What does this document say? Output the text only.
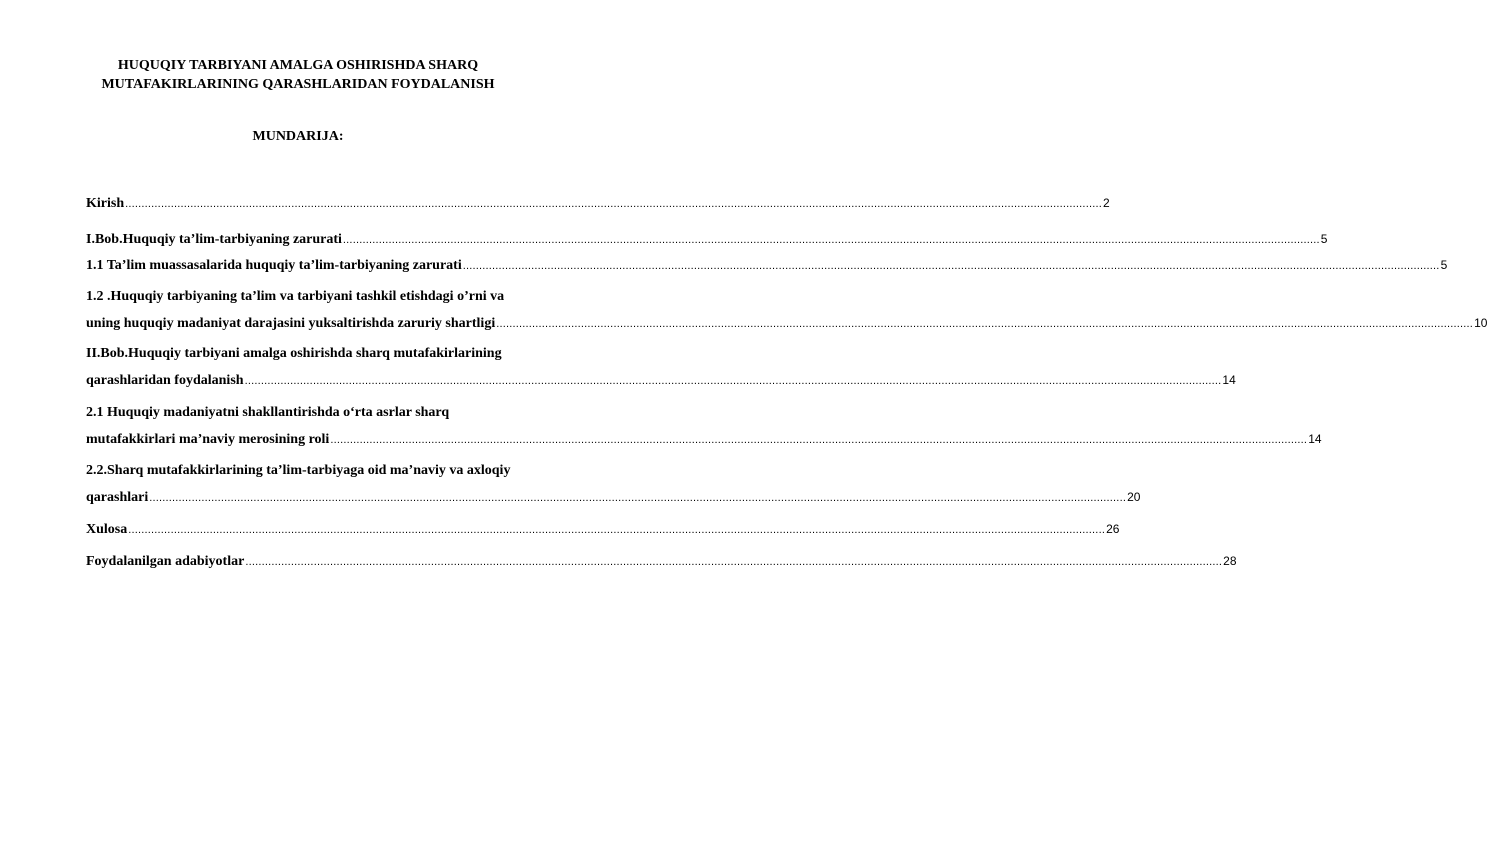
HUQUQIY TARBIYANI AMALGA OSHIRISHDA SHARQ
MUTAFAKIRLARINING QARASHLARIDAN FOYDALANISH
MUNDARIJA:
Kirish ............................................................................................................................................................................................................................................................................................................ 2
I.Bob.Huquqiy ta’lim-tarbiyaning zarurati ............................................................................................................................................................................................................................................................................................................ 5
1.1 Ta’lim muassasalarida huquqiy ta’lim-tarbiyaning zarurati ............................................................................................................................................................................................................................................................................................................ 5
1.2 .Huquqiy tarbiyaning ta’lim va tarbiyani tashkil etishdagi o’rni va
uning huquqiy madaniyat darajasini yuksaltirishda zaruriy shartligi ............................................................................................................................................................................................................................................................................................................ 10
II.Bob.Huquqiy tarbiyani amalga oshirishda sharq mutafakirlarining
qarashlaridan foydalanish ............................................................................................................................................................................................................................................................................................................ 14
2.1 Huquqiy madaniyatni shakllantirishda o‘rta asrlar sharq
mutafakkirlari ma’naviy merosining roli ............................................................................................................................................................................................................................................................................................................ 14
2.2.Sharq mutafakkirlarining ta’lim-tarbiyaga oid ma’naviy va axloqiy
qarashlari ............................................................................................................................................................................................................................................................................................................ 20
Xulosa ............................................................................................................................................................................................................................................................................................................ 26
Foydalanilgan adabiyotlar ............................................................................................................................................................................................................................................................................................................ 28
